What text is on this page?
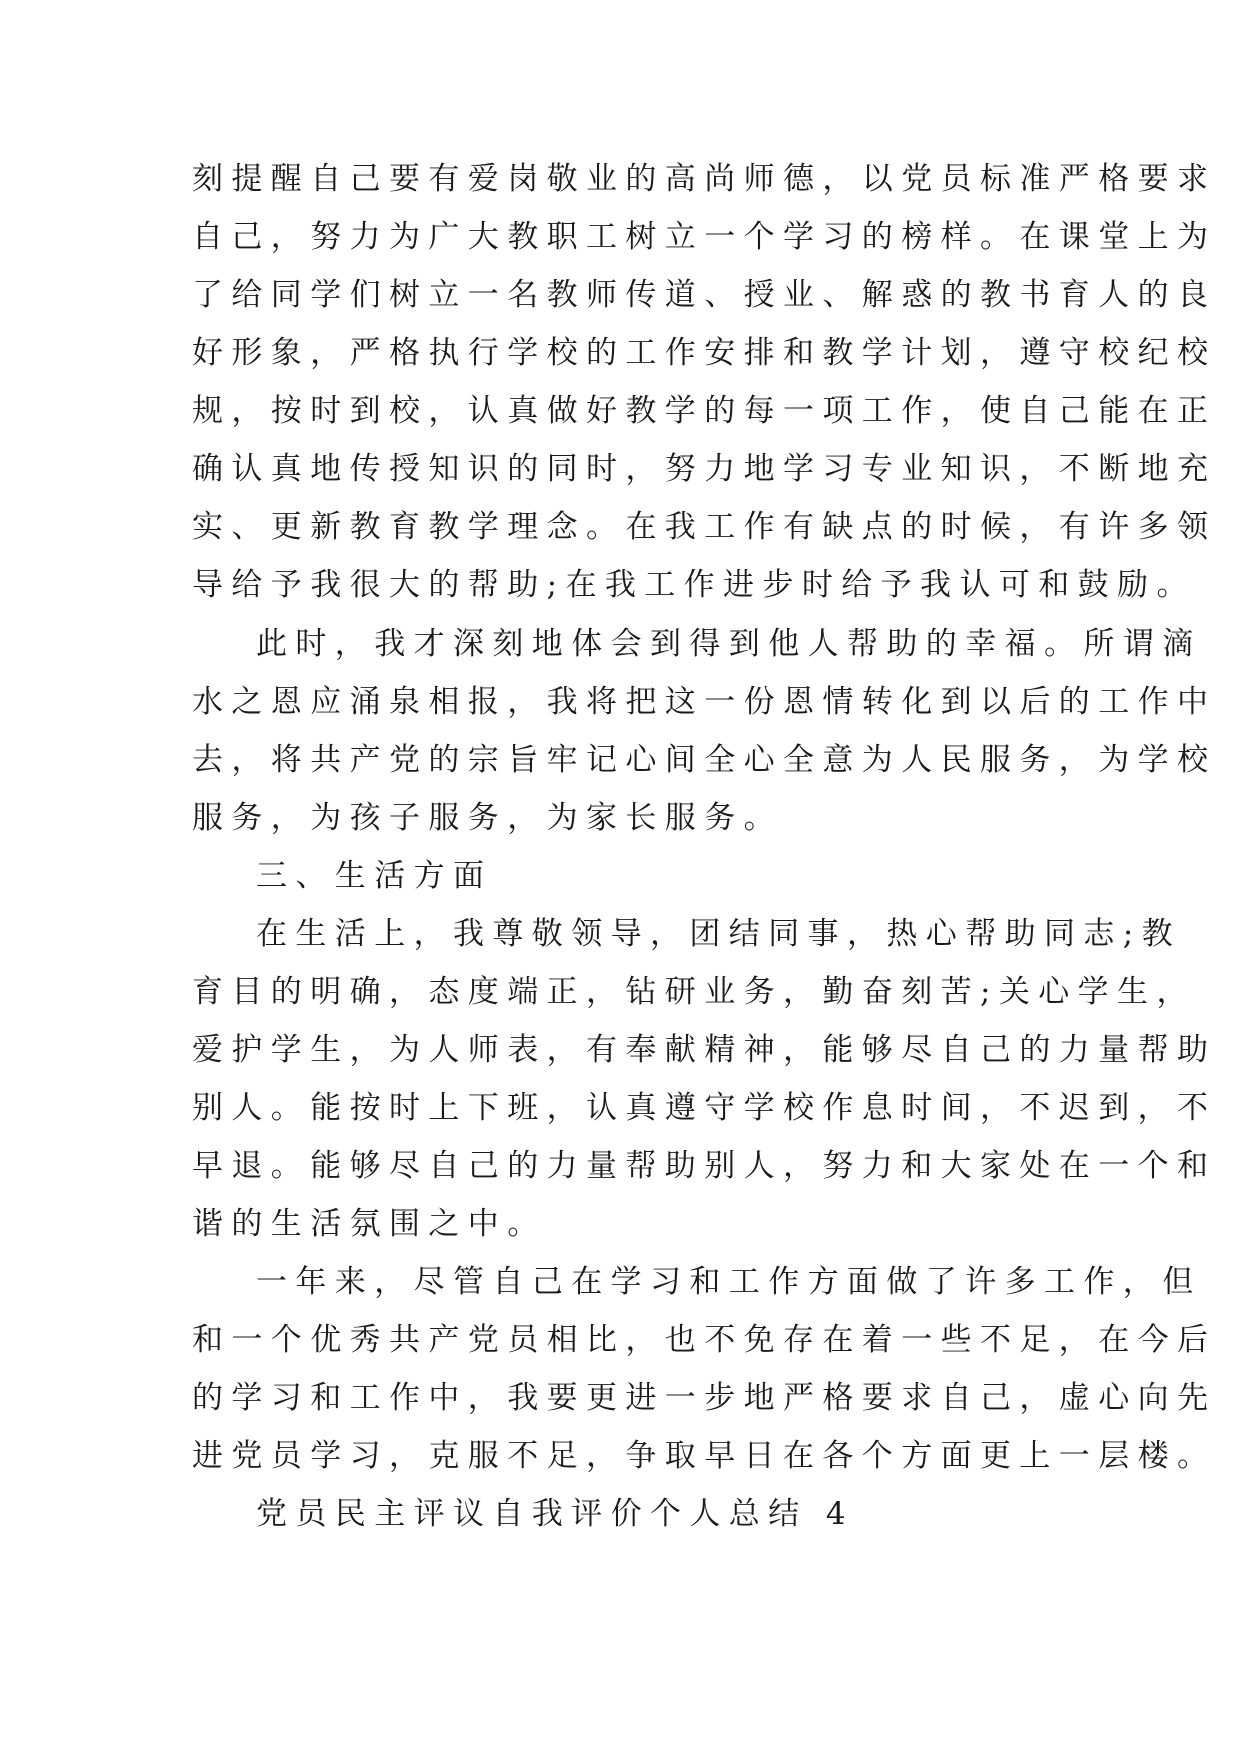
刻提醒自己要有爱岗敬业的高尚师德，以党员标准严格要求
自己，努力为广大教职工树立一个学习的榜样。在课堂上为
了给同学们树立一名教师传道、授业、解惑的教书育人的良
好形象，严格执行学校的工作安排和教学计划，遵守校纪校
规，按时到校，认真做好教学的每一项工作，使自己能在正
确认真地传授知识的同时，努力地学习专业知识，不断地充
实、更新教育教学理念。在我工作有缺点的时候，有许多领
导给予我很大的帮助;在我工作进步时给予我认可和鼓励。
此时，我才深刻地体会到得到他人帮助的幸福。所谓滴
水之恩应涌泉相报，我将把这一份恩情转化到以后的工作中
去，将共产党的宗旨牢记心间全心全意为人民服务，为学校
服务，为孩子服务，为家长服务。
三、生活方面
在生活上，我尊敬领导，团结同事，热心帮助同志;教
育目的明确，态度端正，钻研业务，勤奋刻苦;关心学生，
爱护学生，为人师表，有奉献精神，能够尽自己的力量帮助
别人。能按时上下班，认真遵守学校作息时间，不迟到，不
早退。能够尽自己的力量帮助别人，努力和大家处在一个和
谐的生活氛围之中。
一年来，尽管自己在学习和工作方面做了许多工作，但
和一个优秀共产党员相比，也不免存在着一些不足，在今后
的学习和工作中，我要更进一步地严格要求自己，虚心向先
进党员学习，克服不足，争取早日在各个方面更上一层楼。
党员民主评议自我评价个人总结 4
